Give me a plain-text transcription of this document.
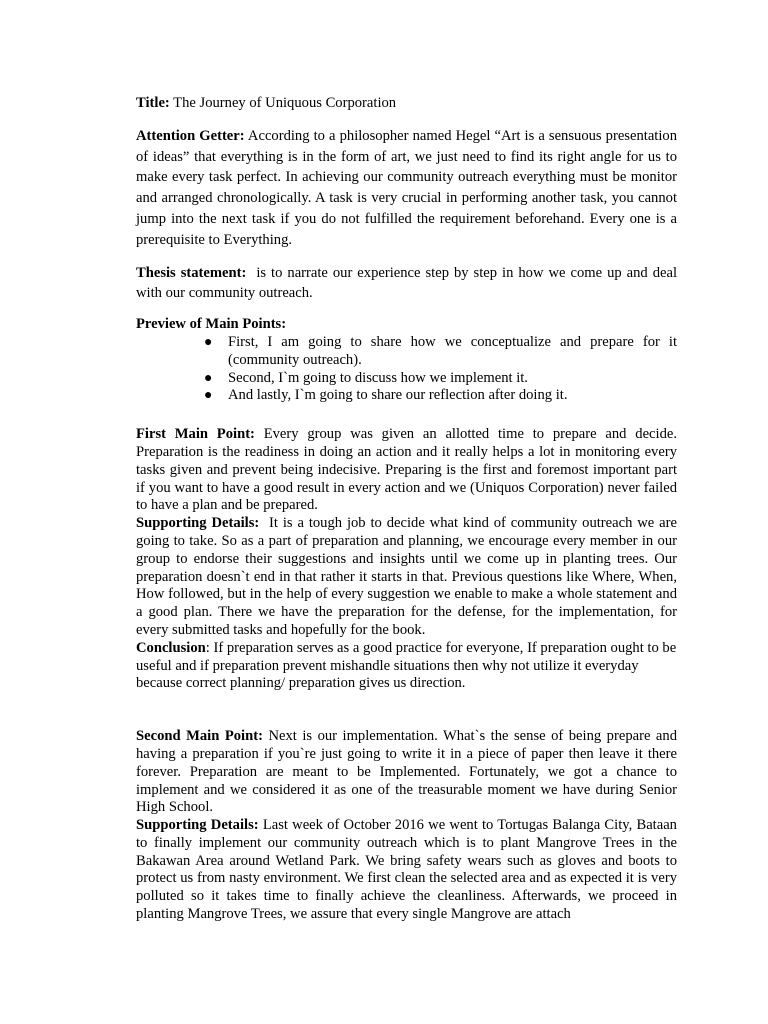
Title: The Journey of Uniquous Corporation

Attention Getter: According to a philosopher named Hegel “Art is a sensuous presentation of ideas” that everything is in the form of art, we just need to find its right angle for us to make every task perfect. In achieving our community outreach everything must be monitor and arranged chronologically. A task is very crucial in performing another task, you cannot jump into the next task if you do not fulfilled the requirement beforehand. Every one is a prerequisite to Everything.

Thesis statement: is to narrate our experience step by step in how we come up and deal with our community outreach.

Preview of Main Points:

● First, I am going to share how we conceptualize and prepare for it (community outreach).
● Second, I`m going to discuss how we implement it.
● And lastly, I`m going to share our reflection after doing it.

First Main Point: Every group was given an allotted time to prepare and decide. Preparation is the readiness in doing an action and it really helps a lot in monitoring every tasks given and prevent being indecisive. Preparing is the first and foremost important part if you want to have a good result in every action and we (Uniquos Corporation) never failed to have a plan and be prepared.

Supporting Details: It is a tough job to decide what kind of community outreach we are going to take. So as a part of preparation and planning, we encourage every member in our group to endorse their suggestions and insights until we come up in planting trees. Our preparation doesn`t end in that rather it starts in that. Previous questions like Where, When, How followed, but in the help of every suggestion we enable to make a whole statement and a good plan. There we have the preparation for the defense, for the implementation, for every submitted tasks and hopefully for the book.

Conclusion: If preparation serves as a good practice for everyone, If preparation ought to be useful and if preparation prevent mishandle situations then why not utilize it everyday because correct planning/ preparation gives us direction.

Second Main Point: Next is our implementation. What`s the sense of being prepare and having a preparation if you`re just going to write it in a piece of paper then leave it there forever. Preparation are meant to be Implemented. Fortunately, we got a chance to implement and we considered it as one of the treasurable moment we have during Senior High School.

Supporting Details: Last week of October 2016 we went to Tortugas Balanga City, Bataan to finally implement our community outreach which is to plant Mangrove Trees in the Bakawan Area around Wetland Park. We bring safety wears such as gloves and boots to protect us from nasty environment. We first clean the selected area and as expected it is very polluted so it takes time to finally achieve the cleanliness. Afterwards, we proceed in planting Mangrove Trees, we assure that every single Mangrove are attach
